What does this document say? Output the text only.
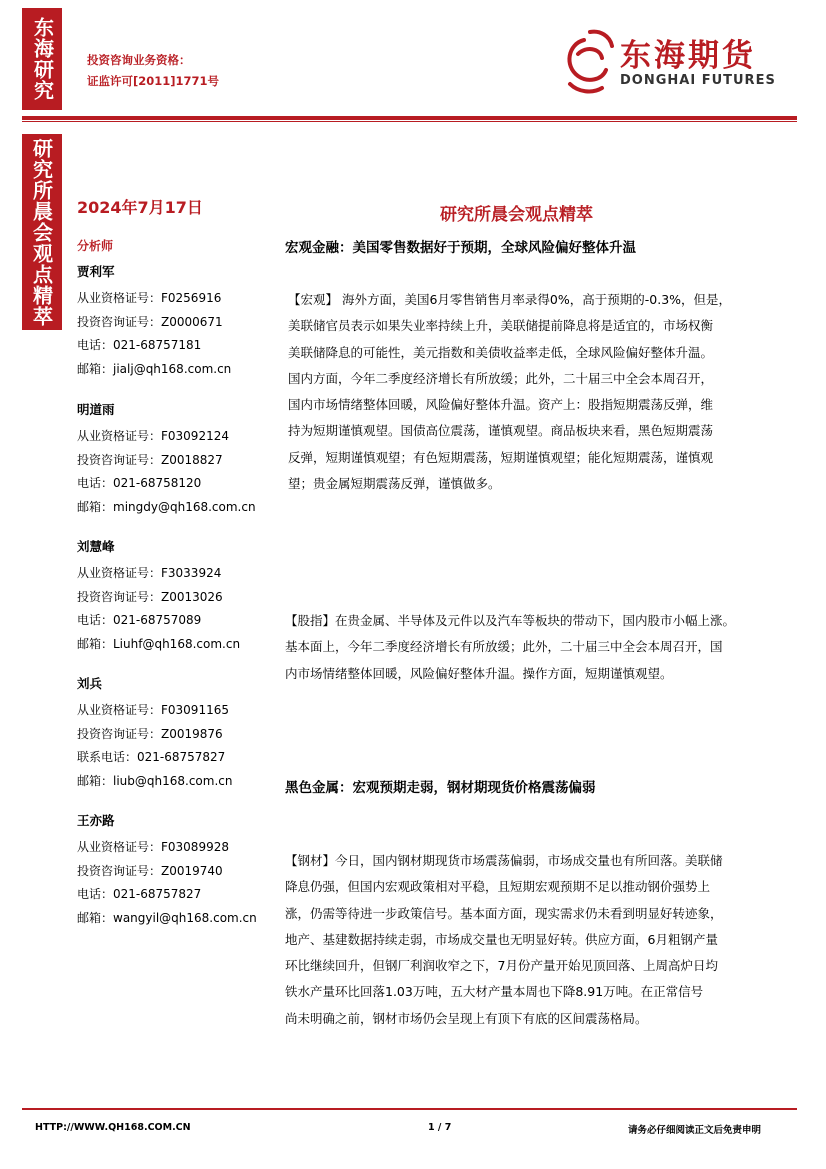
东海研究	投资咨询业务资格：
证监许可[2011]1771号
东海期货
DONGHAI FUTURES
研究所晨会观点精萃	2024年7月17日
分析师
贾利军
从业资格证号：F0256916
投资咨询证号：Z0000671
电话：021-68757181
邮箱：jialj@qh168.com.cn
明道雨
从业资格证号：F03092124
投资咨询证号：Z0018827
电话：021-68758120
邮箱：mingdy@qh168.com.cn
刘慧峰
从业资格证号：F3033924
投资咨询证号：Z0013026
电话：021-68757089
邮箱：Liuhf@qh168.com.cn
刘兵
从业资格证号：F03091165
投资咨询证号：Z0019876
联系电话：021-68757827
邮箱：liub@qh168.com.cn
王亦路
从业资格证号：F03089928
投资咨询证号：Z0019740
电话：021-68757827
邮箱：wangyil@qh168.com.cn
研究所晨会观点精萃
宏观金融：美国零售数据好于预期，全球风险偏好整体升温
【宏观】 海外方面，美国6月零售销售月率录得0%，高于预期的-0.3%，但是，
美联储官员表示如果失业率持续上升，美联储提前降息将是适宜的，市场权衡
美联储降息的可能性，美元指数和美债收益率走低，全球风险偏好整体升温。
国内方面，今年二季度经济增长有所放缓；此外，二十届三中全会本周召开，
国内市场情绪整体回暖，风险偏好整体升温。资产上：股指短期震荡反弹，维
持为短期谨慎观望。国债高位震荡，谨慎观望。商品板块来看，黑色短期震荡
反弹，短期谨慎观望；有色短期震荡，短期谨慎观望；能化短期震荡，谨慎观
望；贵金属短期震荡反弹，谨慎做多。
【股指】在贵金属、半导体及元件以及汽车等板块的带动下，国内股市小幅上涨。
基本面上，今年二季度经济增长有所放缓；此外，二十届三中全会本周召开，国
内市场情绪整体回暖，风险偏好整体升温。操作方面，短期谨慎观望。
黑色金属：宏观预期走弱，钢材期现货价格震荡偏弱
【钢材】今日，国内钢材期现货市场震荡偏弱，市场成交量也有所回落。美联储
降息仍强，但国内宏观政策相对平稳，且短期宏观预期不足以推动钢价强势上
涨，仍需等待进一步政策信号。基本面方面，现实需求仍未看到明显好转迹象，
地产、基建数据持续走弱，市场成交量也无明显好转。供应方面，6月粗钢产量
环比继续回升，但钢厂利润收窄之下，7月份产量开始见顶回落、上周高炉日均
铁水产量环比回落1.03万吨，五大材产量本周也下降8.91万吨。在正常信号
尚未明确之前，钢材市场仍会呈现上有顶下有底的区间震荡格局。
HTTP://WWW.QH168.COM.CN	1 / 7	请务必仔细阅读正文后免责申明
